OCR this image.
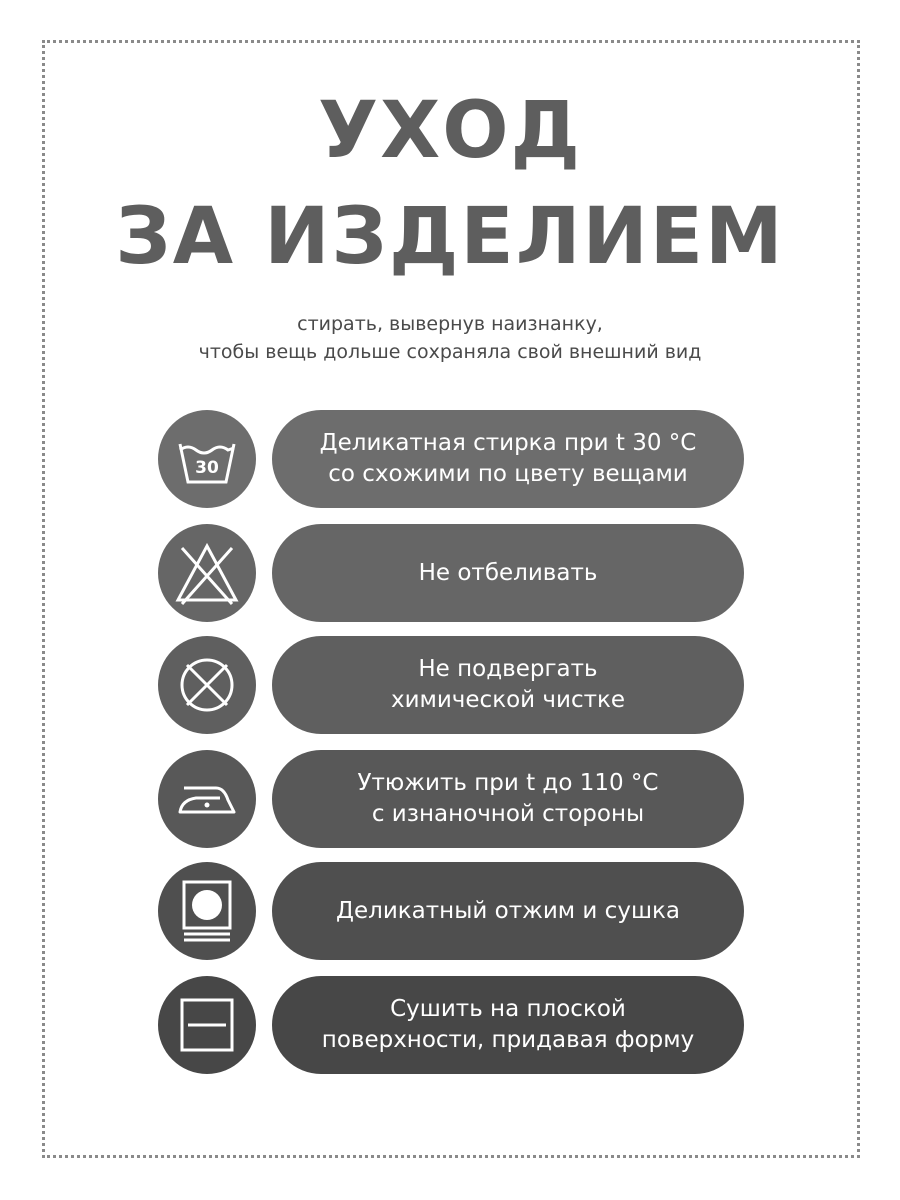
УХОД
ЗА ИЗДЕЛИЕМ
стирать, вывернув наизнанку,
чтобы вещь дольше сохраняла свой внешний вид
30
Деликатная стирка при t 30 °С
со схожими по цвету вещами
Не отбеливать
Не подвергать
химической чистке
Утюжить при t до 110 °С
с изнаночной стороны
Деликатный отжим и сушка
Сушить на плоской
поверхности, придавая форму
